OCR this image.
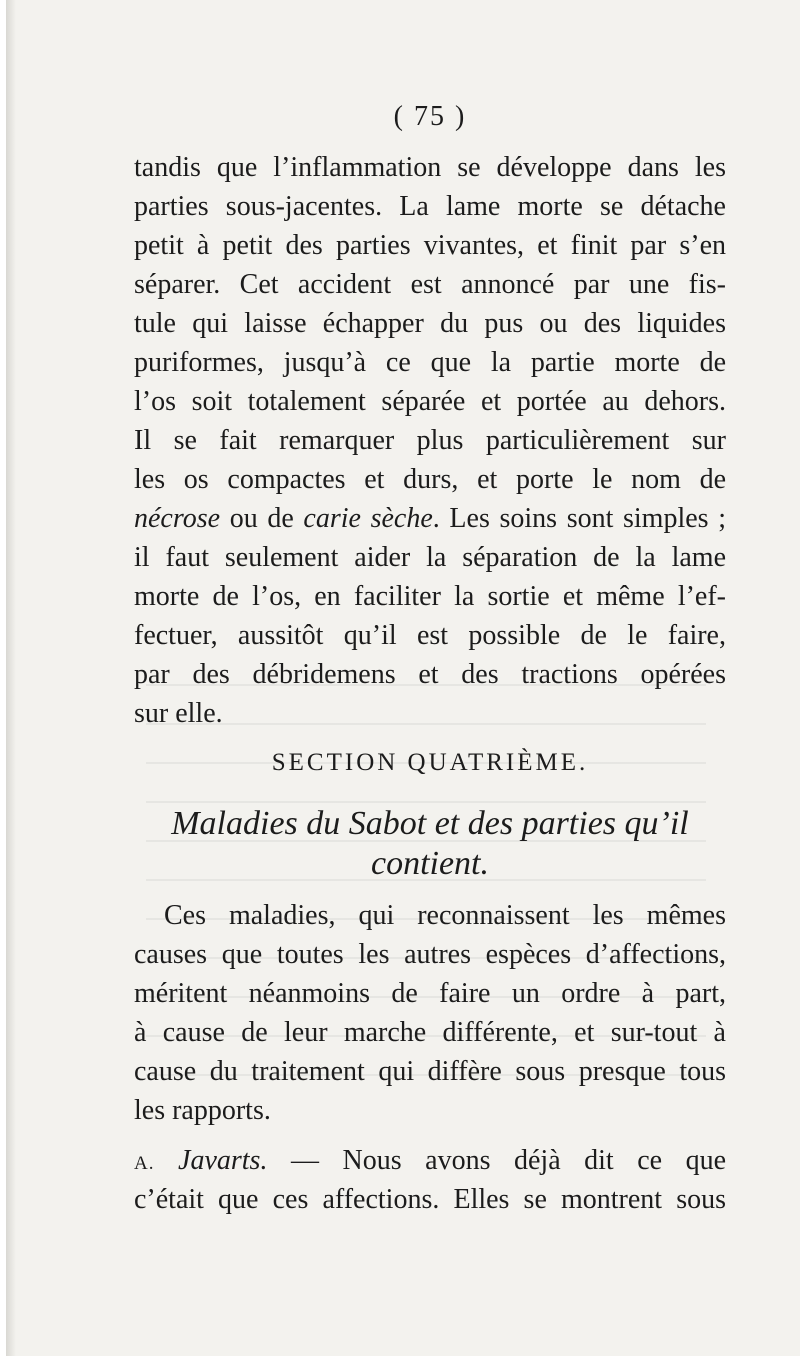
( 75 )
tandis que l’inflammation se développe dans les
parties sous-jacentes. La lame morte se détache
petit à petit des parties vivantes, et finit par s’en
séparer. Cet accident est annoncé par une fis-
tule qui laisse échapper du pus ou des liquides
puriformes, jusqu’à ce que la partie morte de
l’os soit totalement séparée et portée au dehors.
Il se fait remarquer plus particulièrement sur
les os compactes et durs, et porte le nom de
nécrose ou de carie sèche. Les soins sont simples ;
il faut seulement aider la séparation de la lame
morte de l’os, en faciliter la sortie et même l’ef-
fectuer, aussitôt qu’il est possible de le faire,
par des débridemens et des tractions opérées
sur elle.
SECTION QUATRIÈME.
Maladies du Sabot et des parties qu’il
contient.
Ces maladies, qui reconnaissent les mêmes
causes que toutes les autres espèces d’affections,
méritent néanmoins de faire un ordre à part,
à cause de leur marche différente, et sur-tout à
cause du traitement qui diffère sous presque tous
les rapports.
A. Javarts. — Nous avons déjà dit ce que
c’était que ces affections. Elles se montrent sous
